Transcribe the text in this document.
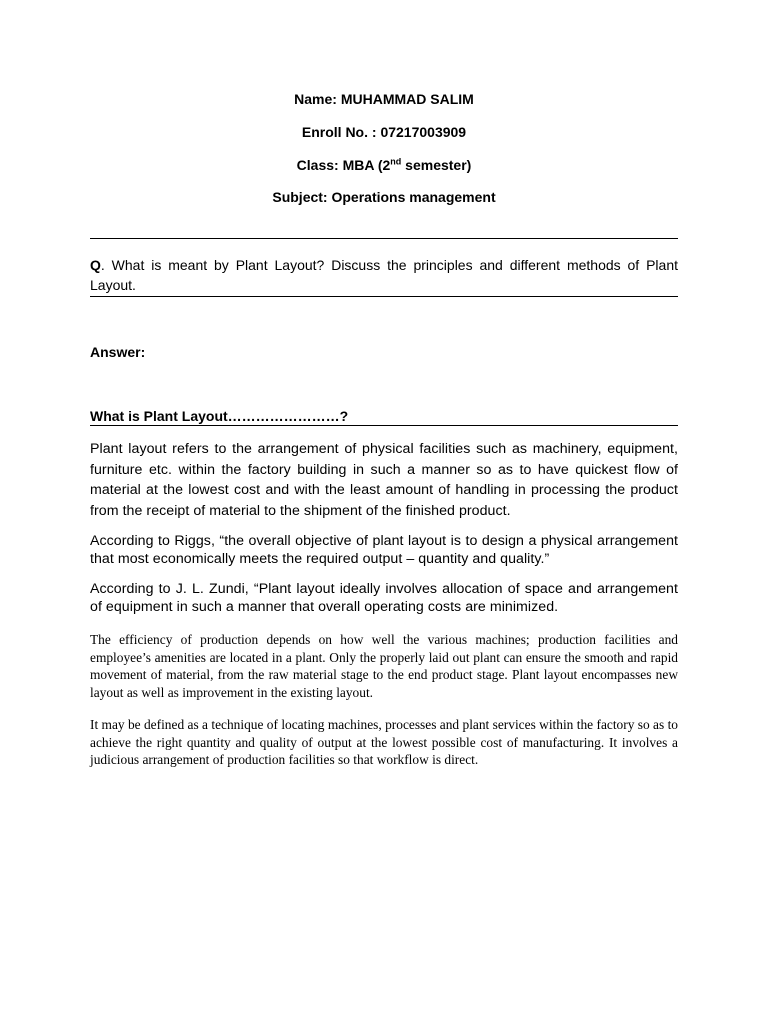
Name: MUHAMMAD SALIM

Enroll No. : 07217003909

Class: MBA (2nd semester)

Subject: Operations management

Q. What is meant by Plant Layout? Discuss the principles and different methods of Plant Layout.

Answer:

What is Plant Layout……………………?

Plant layout refers to the arrangement of physical facilities such as machinery, equipment, furniture etc. within the factory building in such a manner so as to have quickest flow of material at the lowest cost and with the least amount of handling in processing the product from the receipt of material to the shipment of the finished product.

According to Riggs, “the overall objective of plant layout is to design a physical arrangement that most economically meets the required output – quantity and quality.”

According to J. L. Zundi, “Plant layout ideally involves allocation of space and arrangement of equipment in such a manner that overall operating costs are minimized.

The efficiency of production depends on how well the various machines; production facilities and employee’s amenities are located in a plant. Only the properly laid out plant can ensure the smooth and rapid movement of material, from the raw material stage to the end product stage. Plant layout encompasses new layout as well as improvement in the existing layout.

It may be defined as a technique of locating machines, processes and plant services within the factory so as to achieve the right quantity and quality of output at the lowest possible cost of manufacturing. It involves a judicious arrangement of production facilities so that workflow is direct.
